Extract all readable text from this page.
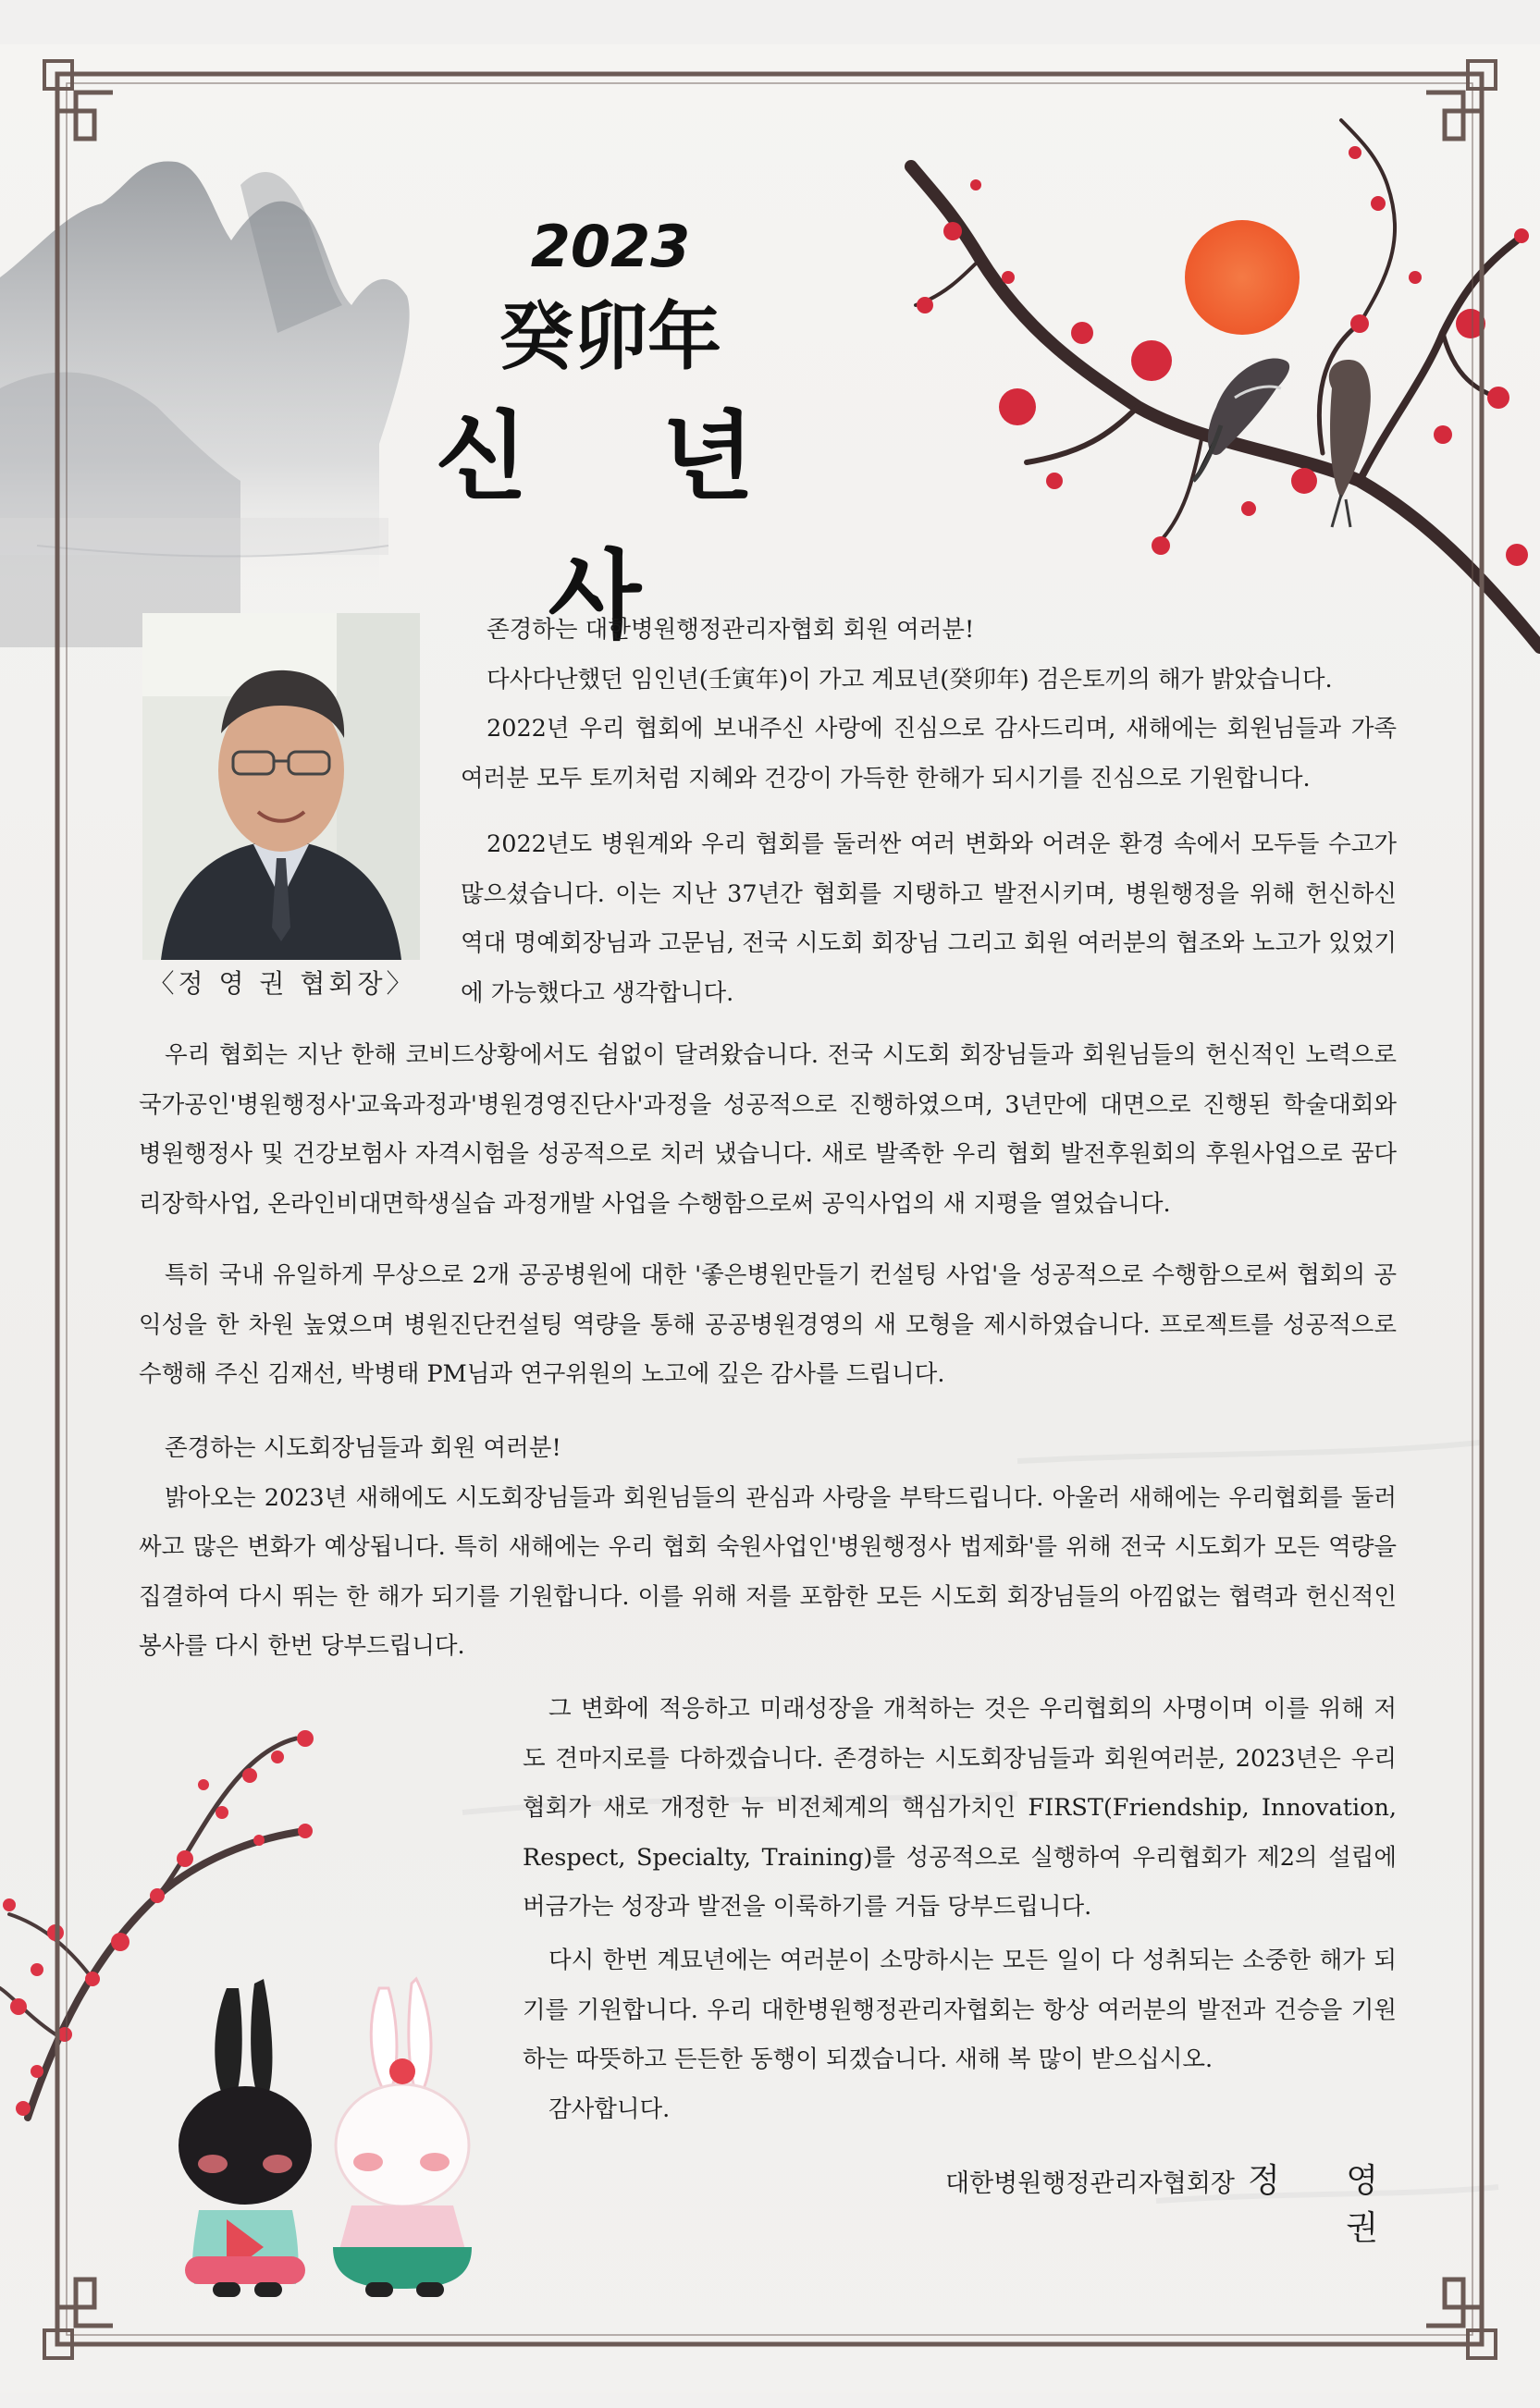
2023
癸卯年
신 년 사
〈정 영 권 협회장〉

존경하는 대한병원행정관리자협회 회원 여러분!

다사다난했던 임인년(壬寅年)이 가고 계묘년(癸卯年) 검은토끼의 해가 밝았습니다.

2022년 우리 협회에 보내주신 사랑에 진심으로 감사드리며, 새해에는 회원님들과 가족 여러분 모두 토끼처럼 지혜와 건강이 가득한 한해가 되시기를 진심으로 기원합니다.

2022년도 병원계와 우리 협회를 둘러싼 여러 변화와 어려운 환경 속에서 모두들 수고가 많으셨습니다. 이는 지난 37년간 협회를 지탱하고 발전시키며, 병원행정을 위해 헌신하신 역대 명예회장님과 고문님, 전국 시도회 회장님 그리고 회원 여러분의 협조와 노고가 있었기에 가능했다고 생각합니다.

우리 협회는 지난 한해 코비드상황에서도 쉼없이 달려왔습니다. 전국 시도회 회장님들과 회원님들의 헌신적인 노력으로 국가공인'병원행정사'교육과정과'병원경영진단사'과정을 성공적으로 진행하였으며, 3년만에 대면으로 진행된 학술대회와 병원행정사 및 건강보험사 자격시험을 성공적으로 치러 냈습니다. 새로 발족한 우리 협회 발전후원회의 후원사업으로 꿈다리장학사업, 온라인비대면학생실습 과정개발 사업을 수행함으로써 공익사업의 새 지평을 열었습니다.

특히 국내 유일하게 무상으로 2개 공공병원에 대한 '좋은병원만들기 컨설팅 사업'을 성공적으로 수행함으로써 협회의 공익성을 한 차원 높였으며 병원진단컨설팅 역량을 통해 공공병원경영의 새 모형을 제시하였습니다. 프로젝트를 성공적으로 수행해 주신 김재선, 박병태 PM님과 연구위원의 노고에 깊은 감사를 드립니다.

존경하는 시도회장님들과 회원 여러분!

밝아오는 2023년 새해에도 시도회장님들과 회원님들의 관심과 사랑을 부탁드립니다. 아울러 새해에는 우리협회를 둘러싸고 많은 변화가 예상됩니다. 특히 새해에는 우리 협회 숙원사업인'병원행정사 법제화'를 위해 전국 시도회가 모든 역량을 집결하여 다시 뛰는 한 해가 되기를 기원합니다. 이를 위해 저를 포함한 모든 시도회 회장님들의 아낌없는 협력과 헌신적인 봉사를 다시 한번 당부드립니다.

그 변화에 적응하고 미래성장을 개척하는 것은 우리협회의 사명이며 이를 위해 저도 견마지로를 다하겠습니다. 존경하는 시도회장님들과 회원여러분, 2023년은 우리 협회가 새로 개정한 뉴 비전체계의 핵심가치인 FIRST(Friendship, Innovation, Respect, Specialty, Training)를 성공적으로 실행하여 우리협회가 제2의 설립에 버금가는 성장과 발전을 이룩하기를 거듭 당부드립니다.

다시 한번 계묘년에는 여러분이 소망하시는 모든 일이 다 성취되는 소중한 해가 되기를 기원합니다. 우리 대한병원행정관리자협회는 항상 여러분의 발전과 건승을 기원하는 따뜻하고 든든한 동행이 되겠습니다. 새해 복 많이 받으십시오.

감사합니다.

대한병원행정관리자협회장 정 영 권
